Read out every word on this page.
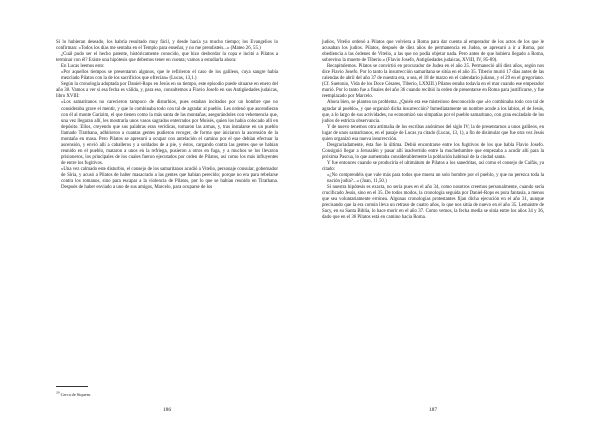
Si lo hubieran deseado, los habría resultado muy fácil, y desde hacía ya mucho tiempo; los Evangelios lo confirman: «Todos los días me sentaba en el Templo para enseñar, y no me prendisteis...» (Mateo 26, 55.)

¿Cuál pudo ser el hecho patente, históricamente conocido, que hizo desbordar la copa e incitó a Pilatos a terminar con él? Existe una hipótesis que debemos tener en cuenta; vamos a estudiarla ahora:

En Lucas leemos esto:

«Por aquellos tiempos se presentaron algunos, que le refirieron el caso de los galileos, cuya sangre había mezclado Pilatos con la de los sacrificios que ofrecían» (Lucas, 13,1.)

Según la cronología adoptada por Daniel-Rops en Jesús en su tiempo, este episodio puede situarse en enero del año 30. Vamos a ver si esa fecha es válida, y, para eso, consultemos a Flavio Josefo en sus Antigüedades judaicas, libro XVIII:

«Los samaritanos no carecieron tampoco de disturbios, pues estaban incitados por un hombre que no consideraba grave el mentir, y que lo combinaba todo con tal de agradar al pueblo. Les ordenó que ascendieran con él al monte Garizim, el que tienen como la más santa de las montañas, asegurándoles con vehemencia que, una vez llegaran allí, les mostraría unos vasos sagrados enterrados por Moisés, quien los había colocado allí en depósito. Ellos, creyendo que sus palabras eran verídicas, tomaron las armas, y, tras instalarse en un pueblo llamado Tirathana, adhirieron a cuantas gentes pudieron recoger, de forma que iniciaron la ascensión de la montaña en masa. Pero Pilatos se apresuró a ocupar con antelación el camino por el que debían efectuar la ascensión, y envió allí a caballeros y a soldados de a pie, y éstos, cargando contra las gentes que se habían reunido en el pueblo, mataron a unos en la refriega, pusieron a otros en fuga, y a muchos se los llevaron prisioneros, los principales de los cuales fueron ejecutados por orden de Pilatos, así como los más influyentes de entre los fugitivos.

«Una vez calmado este disturbio, el consejo de los samaritanos acudió a Vitelio, personaje consular, gobernador de Siria, y acusó a Pilatos de haber masacrado a las gentes que habían perecido; porque no era para rebelarse contra los romanos, sino para escapar a la violencia de Pilatos, por lo que se habían reunido en Tirathana. Después de haber enviado a uno de sus amigos, Marcelo, para ocuparse de los

$^{29}$ Cerca de Siquem.
186

judíos, Vitelio ordenó a Pilatos que volviera a Roma para dar cuenta al emperador de los actos de los que le acusaban los judíos. Pilatos, después de diez años de permanencia en Judea, se apresuró a ir a Roma, por obediencia a las órdenes de Vitelio, a las que no podía objetar nada. Pero antes de que hubiera llegado a Roma, sobrevino la muerte de Tiberio.» (Flavio Josefo, Antigüedades judaicas, XVIII, IV, 85-89).

Recapitulemos. Pilatos se convirtió en procurador de Judea en el año 25. Permaneció allí diez años, según nos dice Flavio Josefo. Por lo tanto la insurrección samaritana se sitúa en el año 35. Tiberio murió 17 días antes de las calendas de abril del año 37 de nuestra era, o sea, el 18 de marzo en el calendario juliano, y el 29 en el gregoriano. (Cf. Suetonio, Vida de los Doce Césares, Tiberio, LXXIII.) Pilatos estaba todavía en el mar cuando ese emperador murió. Por lo tanto fue a finales del año 36 cuando recibió la orden de presentarse en Roma para justificarse, y fue reemplazado por Marcelo.

Ahora bien, se plantea un problema. ¿Quién era ese misterioso desconocido que «lo combinaba todo con tal de agradar al pueblo», y que organizó dicha insurrección? Inmediatamente un nombre acude a los labios, el de Jesús, que, a lo largo de sus actividades, no economizó sus simpatías por el pueblo samaritano, con gran escándalo de los judíos de estricta observancia.

Y de nuevo tenemos otra artimaña de los escribas anónimos del siglo IV; la de presentarnos a unos galileos, en lugar de unos samaritanos, en el pasaje de Lucas ya citado (Lucas, 13, 1), a fin de disimular que fue otra vez Jesús quien organizó esa nueva insurrección.

Desgraciadamente, ésta fue la última. Debió encontrarse entre los fugitivos de los que habla Flavio Josefo. Consiguió llegar a Jerusalén y pasar allí inadvertido entre la muchedumbre que empezaba a acudir allí para la próxima Pascua, lo que aumentaba considerablemente la población habitual de la ciudad santa.

Y fue entonces cuando se produciría el ultimátum de Pilatos a los sanedritas, así como el consejo de Caifás, ya citado:

«¿No comprendéis que vale más para todos que muera un solo hombre por el pueblo, y que no perezca toda la nación judía?...» (Juan, 11,50.)

Si nuestra hipótesis es exacta, no sería pues en el año 34, como nosotros creemos personalmente, cuando sería crucificado Jesús, sino en el 35. De todos modos, la cronología seguida por Daniel-Rops es pura fantasía, a menos que sea voluntariamente errónea. Algunas cronologías protestantes fijan dicha ejecución en el año 31, aunque precisando que la era común lleva un retraso de cuatro años, lo que nos sitúa de nuevo en el año 35. Lemaistre de Sacy, en su Santa Biblia, lo hace morir en el año 37. Como vemos, la fecha media se sitúa entre los años 34 y 36, dado que en el 36 Pilatos está en camino hacia Roma.

187
